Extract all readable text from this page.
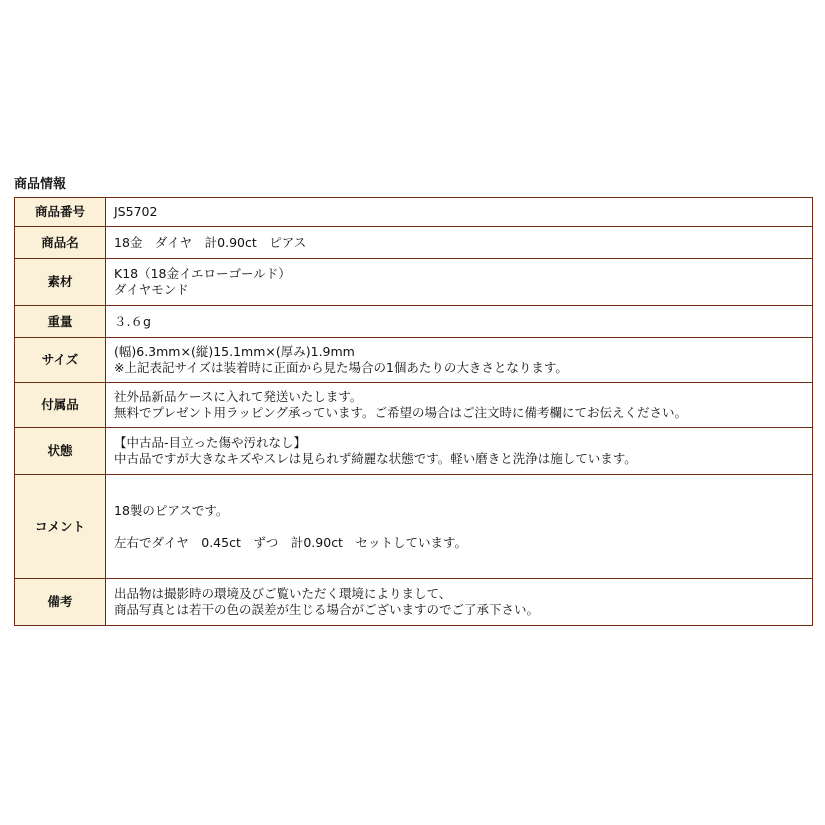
商品情報
商品番号	JS5702

商品名	18金　ダイヤ　計0.90ct　ピアス

素材	K18（18金イエローゴールド）
ダイヤモンド

重量	３.６g

サイズ	(幅)6.3mm×(縦)15.1mm×(厚み)1.9mm
※上記表記サイズは装着時に正面から見た場合の1個あたりの大きさとなります。

付属品	社外品新品ケースに入れて発送いたします。
無料でプレゼント用ラッピング承っています。ご希望の場合はご注文時に備考欄にてお伝えください。

状態	【中古品-目立った傷や汚れなし】
中古品ですが大きなキズやスレは見られず綺麗な状態です。軽い磨きと洗浄は施しています。

コメント	18製のピアスです。
左右でダイヤ　0.45ct　ずつ　計0.90ct　セットしています。

備考	出品物は撮影時の環境及びご覧いただく環境によりまして、
商品写真とは若干の色の誤差が生じる場合がございますのでご了承下さい。
